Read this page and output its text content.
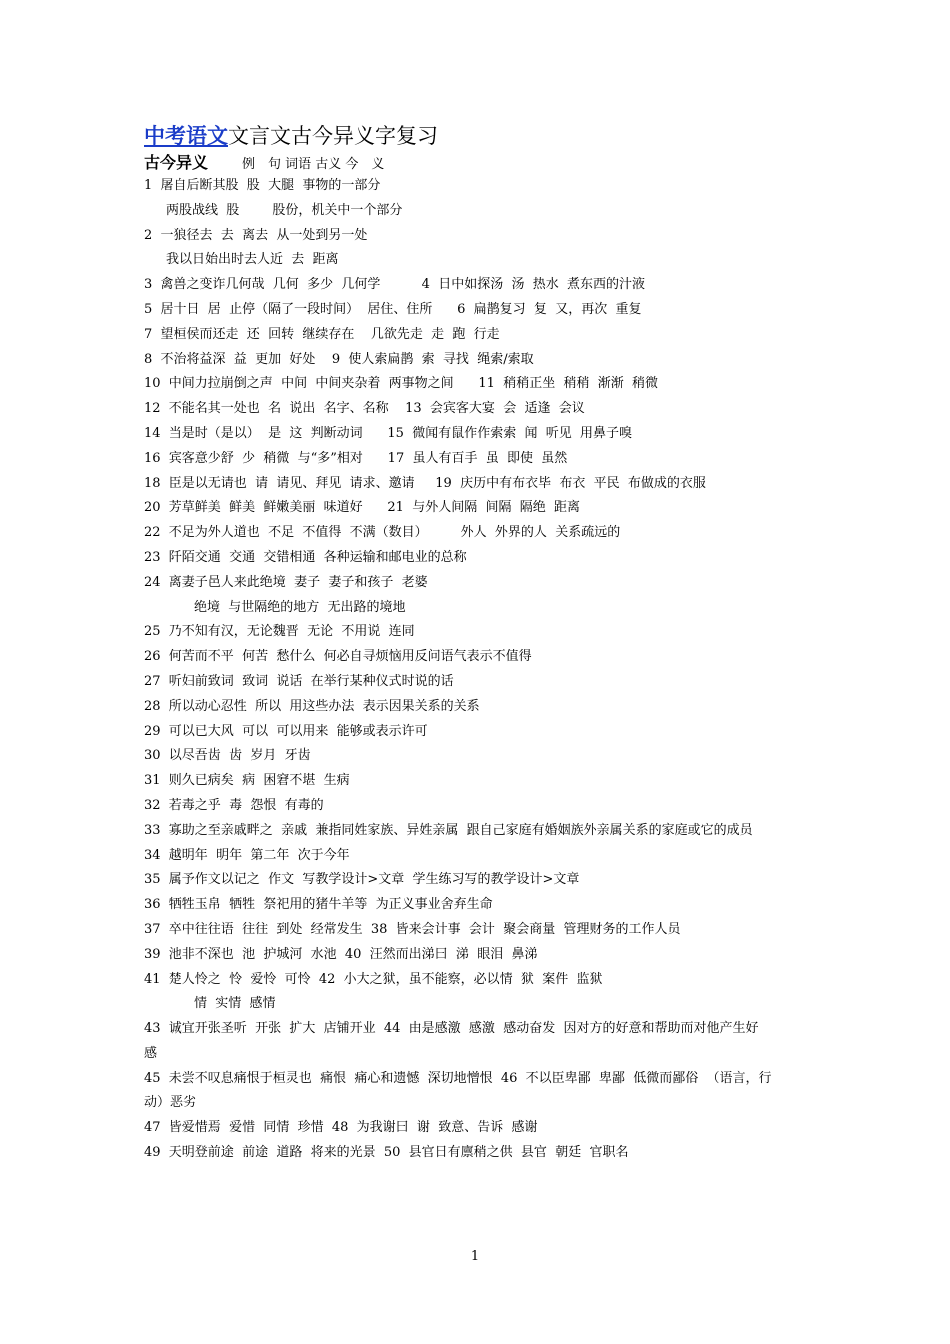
中考语文文言文古今异义字复习
古今异义	例　句 词语 古义 今　义
1  屠自后断其股  股  大腿  事物的一部分
两股战线  股        股份，机关中一个部分
2  一狼径去  去  离去  从一处到另一处
我以日始出时去人近  去  距离
3  禽兽之变诈几何哉  几何  多少  几何学          4  日中如探汤  汤  热水  煮东西的汁液
5  居十日  居  止停（隔了一段时间）  居住、住所      6  扁鹊复习  复  又，再次  重复
7  望桓侯而还走  还  回转  继续存在    几欲先走  走  跑  行走
8  不治将益深  益  更加  好处    9  使人索扁鹊  索  寻找  绳索/索取
10  中间力拉崩倒之声  中间  中间夹杂着  两事物之间      11  稍稍正坐  稍稍  渐渐  稍微
12  不能名其一处也  名  说出  名字、名称    13  会宾客大宴  会  适逢  会议
14  当是时（是以）  是  这  判断动词      15  微闻有鼠作作索索  闻  听见  用鼻子嗅
16  宾客意少舒  少  稍微  与“多”相对      17  虽人有百手  虽  即使  虽然
18  臣是以无请也  请  请见、拜见  请求、邀请     19  庆历中有布衣毕  布衣  平民  布做成的衣服
20  芳草鲜美  鲜美  鲜嫩美丽  味道好      21  与外人间隔  间隔  隔绝  距离
22  不足为外人道也  不足  不值得  不满（数目）        外人  外界的人  关系疏远的
23  阡陌交通  交通  交错相通  各种运输和邮电业的总称
24  离妻子邑人来此绝境  妻子  妻子和孩子  老婆
绝境  与世隔绝的地方  无出路的境地
25  乃不知有汉，无论魏晋  无论  不用说  连同
26  何苦而不平  何苦  愁什么  何必自寻烦恼用反问语气表示不值得
27  听妇前致词  致词  说话  在举行某种仪式时说的话
28  所以动心忍性  所以  用这些办法  表示因果关系的关系
29  可以已大风  可以  可以用来  能够或表示许可
30  以尽吾齿  齿  岁月  牙齿
31  则久已病矣  病  困窘不堪  生病
32  若毒之乎  毒  怨恨  有毒的
33  寡助之至亲戚畔之  亲戚  兼指同姓家族、异姓亲属  跟自己家庭有婚姻族外亲属关系的家庭或它的成员
34  越明年  明年  第二年  次于今年
35  属予作文以记之  作文  写教学设计>文章  学生练习写的教学设计>文章
36  牺牲玉帛  牺牲  祭祀用的猪牛羊等  为正义事业舍弃生命
37  卒中往往语  往往  到处  经常发生  38  皆来会计事  会计  聚会商量  管理财务的工作人员
39  池非不深也  池  护城河  水池  40  汪然而出涕曰  涕  眼泪  鼻涕
41  楚人怜之  怜  爱怜  可怜  42  小大之狱，虽不能察，必以情  狱  案件  监狱
情  实情  感情
43  诚宜开张圣听  开张  扩大  店铺开业  44  由是感激  感激  感动奋发  因对方的好意和帮助而对他产生好
感
45  未尝不叹息痛恨于桓灵也  痛恨  痛心和遗憾  深切地憎恨  46  不以臣卑鄙  卑鄙  低微而鄙俗  （语言，行
动）恶劣
47  皆爱惜焉  爱惜  同情  珍惜  48  为我谢曰  谢  致意、告诉  感谢
49  天明登前途  前途  道路  将来的光景  50  县官日有廪稍之供  县官  朝廷  官职名
1
